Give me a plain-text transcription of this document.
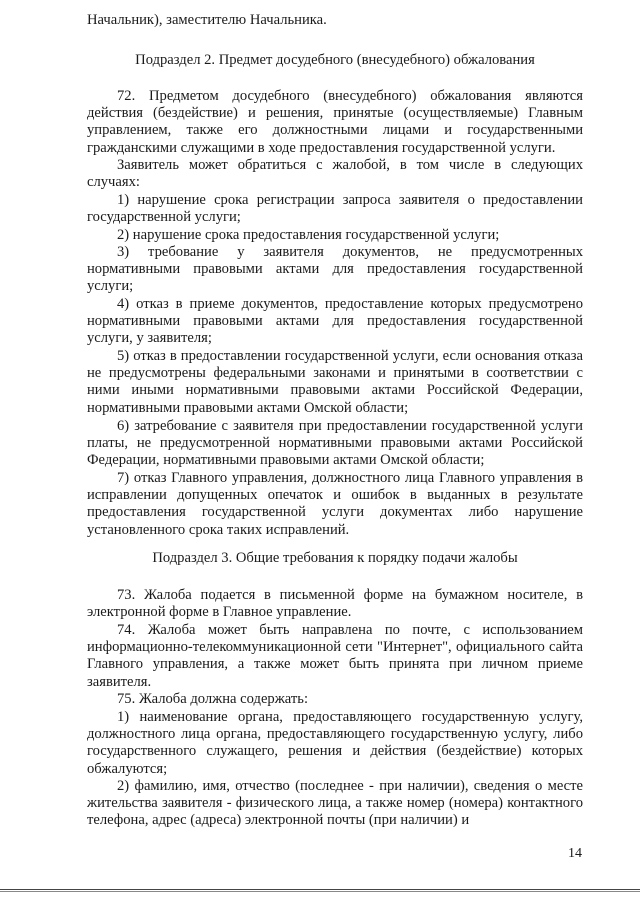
Начальник), заместителю Начальника.
Подраздел 2. Предмет досудебного (внесудебного) обжалования
72. Предметом досудебного (внесудебного) обжалования являются действия (бездействие) и решения, принятые (осуществляемые) Главным управлением, также его должностными лицами и государственными гражданскими служащими в ходе предоставления государственной услуги.
Заявитель может обратиться с жалобой, в том числе в следующих случаях:
1) нарушение срока регистрации запроса заявителя о предоставлении государственной услуги;
2) нарушение срока предоставления государственной услуги;
3) требование у заявителя документов, не предусмотренных нормативными правовыми актами для предоставления государственной услуги;
4) отказ в приеме документов, предоставление которых предусмотрено нормативными правовыми актами для предоставления государственной услуги, у заявителя;
5) отказ в предоставлении государственной услуги, если основания отказа не предусмотрены федеральными законами и принятыми в соответствии с ними иными нормативными правовыми актами Российской Федерации, нормативными правовыми актами Омской области;
6) затребование с заявителя при предоставлении государственной услуги платы, не предусмотренной нормативными правовыми актами Российской Федерации, нормативными правовыми актами Омской области;
7) отказ Главного управления, должностного лица Главного управления в исправлении допущенных опечаток и ошибок в выданных в результате предоставления государственной услуги документах либо нарушение установленного срока таких исправлений.
Подраздел 3. Общие требования к порядку подачи жалобы
73. Жалоба подается в письменной форме на бумажном носителе, в электронной форме в Главное управление.
74. Жалоба может быть направлена по почте, с использованием информационно-телекоммуникационной сети "Интернет", официального сайта Главного управления, а также может быть принята при личном приеме заявителя.
75. Жалоба должна содержать:
1) наименование органа, предоставляющего государственную услугу, должностного лица органа, предоставляющего государственную услугу, либо государственного служащего, решения и действия (бездействие) которых обжалуются;
2) фамилию, имя, отчество (последнее - при наличии), сведения о месте жительства заявителя - физического лица, а также номер (номера) контактного телефона, адрес (адреса) электронной почты (при наличии) и
14
